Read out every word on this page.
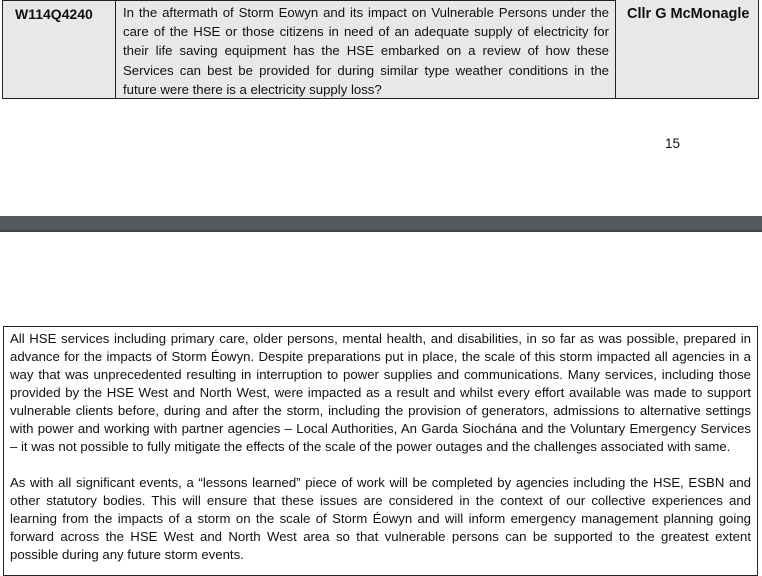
W114Q4240	In the aftermath of Storm Eowyn and its impact on Vulnerable Persons under the care of the HSE or those citizens in need of an adequate supply of electricity for their life saving equipment has the HSE embarked on a review of how these Services can best be provided for during similar type weather conditions in the future were there is a electricity supply loss?
Cllr G McMonagle
15

All HSE services including primary care, older persons, mental health, and disabilities, in so far as was possible, prepared in advance for the impacts of Storm Éowyn. Despite preparations put in place, the scale of this storm impacted all agencies in a way that was unprecedented resulting in interruption to power supplies and communications. Many services, including those provided by the HSE West and North West, were impacted as a result and whilst every effort available was made to support vulnerable clients before, during and after the storm, including the provision of generators, admissions to alternative settings with power and working with partner agencies – Local Authorities, An Garda Siochána and the Voluntary Emergency Services – it was not possible to fully mitigate the effects of the scale of the power outages and the challenges associated with same.

As with all significant events, a “lessons learned” piece of work will be completed by agencies including the HSE, ESBN and other statutory bodies. This will ensure that these issues are considered in the context of our collective experiences and learning from the impacts of a storm on the scale of Storm Éowyn and will inform emergency management planning going forward across the HSE West and North West area so that vulnerable persons can be supported to the greatest extent possible during any future storm events.
